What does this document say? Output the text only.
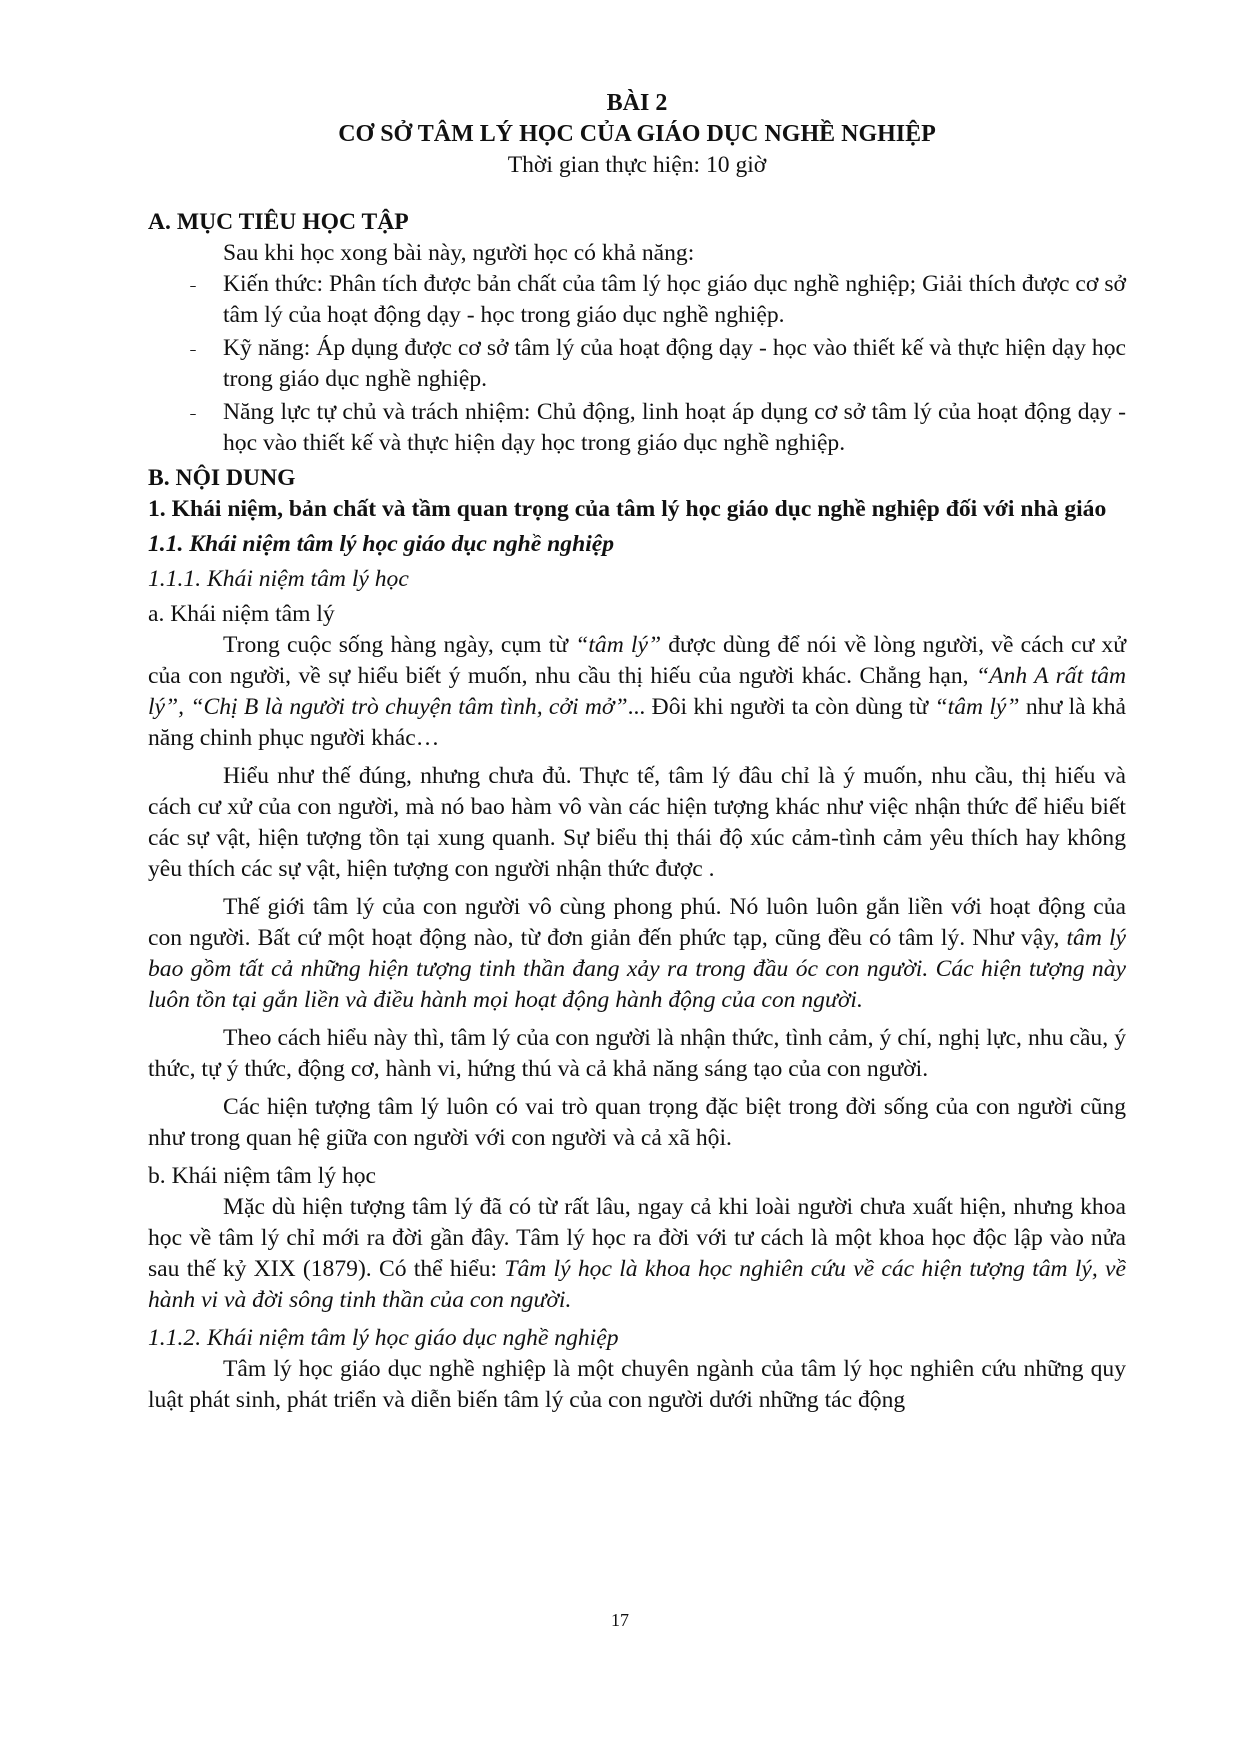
BÀI 2
CƠ SỞ TÂM LÝ HỌC CỦA GIÁO DỤC NGHỀ NGHIỆP
Thời gian thực hiện: 10 giờ
A. MỤC TIÊU HỌC TẬP
Sau khi học xong bài này, người học có khả năng:
˗ Kiến thức: Phân tích được bản chất của tâm lý học giáo dục nghề nghiệp; Giải thích được cơ sở tâm lý của hoạt động dạy - học trong giáo dục nghề nghiệp.
˗ Kỹ năng: Áp dụng được cơ sở tâm lý của hoạt động dạy - học vào thiết kế và thực hiện dạy học trong giáo dục nghề nghiệp.
˗ Năng lực tự chủ và trách nhiệm: Chủ động, linh hoạt áp dụng cơ sở tâm lý của hoạt động dạy - học vào thiết kế và thực hiện dạy học trong giáo dục nghề nghiệp.
B. NỘI DUNG
1. Khái niệm, bản chất và tầm quan trọng của tâm lý học giáo dục nghề nghiệp đối với nhà giáo
1.1. Khái niệm tâm lý học giáo dục nghề nghiệp
1.1.1. Khái niệm tâm lý học
a. Khái niệm tâm lý

Trong cuộc sống hàng ngày, cụm từ “tâm lý” được dùng để nói về lòng người, về cách cư xử của con người, về sự hiểu biết ý muốn, nhu cầu thị hiếu của người khác. Chẳng hạn, “Anh A rất tâm lý”, “Chị B là người trò chuyện tâm tình, cởi mở”... Đôi khi người ta còn dùng từ “tâm lý” như là khả năng chinh phục người khác…

Hiểu như thế đúng, nhưng chưa đủ. Thực tế, tâm lý đâu chỉ là ý muốn, nhu cầu, thị hiếu và cách cư xử của con người, mà nó bao hàm vô vàn các hiện tượng khác như việc nhận thức để hiểu biết các sự vật, hiện tượng tồn tại xung quanh. Sự biểu thị thái độ xúc cảm-tình cảm yêu thích hay không yêu thích các sự vật, hiện tượng con người nhận thức được .

Thế giới tâm lý của con người vô cùng phong phú. Nó luôn luôn gắn liền với hoạt động của con người. Bất cứ một hoạt động nào, từ đơn giản đến phức tạp, cũng đều có tâm lý. Như vậy, tâm lý bao gồm tất cả những hiện tượng tinh thần đang xảy ra trong đầu óc con người. Các hiện tượng này luôn tồn tại gắn liền và điều hành mọi hoạt động hành động của con người.

Theo cách hiểu này thì, tâm lý của con người là nhận thức, tình cảm, ý chí, nghị lực, nhu cầu, ý thức, tự ý thức, động cơ, hành vi, hứng thú và cả khả năng sáng tạo của con người.

Các hiện tượng tâm lý luôn có vai trò quan trọng đặc biệt trong đời sống của con người cũng như trong quan hệ giữa con người với con người và cả xã hội.

b. Khái niệm tâm lý học

Mặc dù hiện tượng tâm lý đã có từ rất lâu, ngay cả khi loài người chưa xuất hiện, nhưng khoa học về tâm lý chỉ mới ra đời gần đây. Tâm lý học ra đời với tư cách là một khoa học độc lập vào nửa sau thế kỷ XIX (1879). Có thể hiểu: Tâm lý học là khoa học nghiên cứu về các hiện tượng tâm lý, về hành vi và đời sông tinh thần của con người.

1.1.2. Khái niệm tâm lý học giáo dục nghề nghiệp

Tâm lý học giáo dục nghề nghiệp là một chuyên ngành của tâm lý học nghiên cứu những quy luật phát sinh, phát triển và diễn biến tâm lý của con người dưới những tác động

17
